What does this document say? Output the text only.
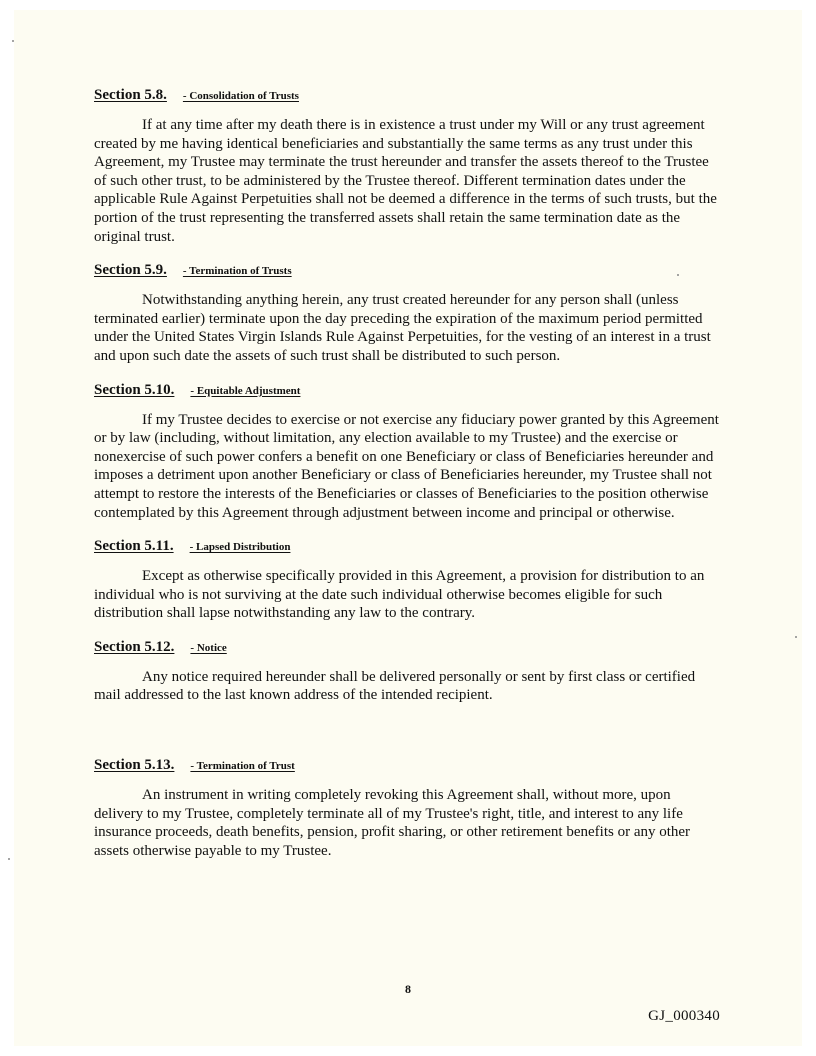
Section 5.8. - Consolidation of Trusts

If at any time after my death there is in existence a trust under my Will or any trust agreement created by me having identical beneficiaries and substantially the same terms as any trust under this Agreement, my Trustee may terminate the trust hereunder and transfer the assets thereof to the Trustee of such other trust, to be administered by the Trustee thereof. Different termination dates under the applicable Rule Against Perpetuities shall not be deemed a difference in the terms of such trusts, but the portion of the trust representing the transferred assets shall retain the same termination date as the original trust.

Section 5.9. - Termination of Trusts

Notwithstanding anything herein, any trust created hereunder for any person shall (unless terminated earlier) terminate upon the day preceding the expiration of the maximum period permitted under the United States Virgin Islands Rule Against Perpetuities, for the vesting of an interest in a trust and upon such date the assets of such trust shall be distributed to such person.

Section 5.10. - Equitable Adjustment

If my Trustee decides to exercise or not exercise any fiduciary power granted by this Agreement or by law (including, without limitation, any election available to my Trustee) and the exercise or nonexercise of such power confers a benefit on one Beneficiary or class of Beneficiaries hereunder and imposes a detriment upon another Beneficiary or class of Beneficiaries hereunder, my Trustee shall not attempt to restore the interests of the Beneficiaries or classes of Beneficiaries to the position otherwise contemplated by this Agreement through adjustment between income and principal or otherwise.

Section 5.11. - Lapsed Distribution

Except as otherwise specifically provided in this Agreement, a provision for distribution to an individual who is not surviving at the date such individual otherwise becomes eligible for such distribution shall lapse notwithstanding any law to the contrary.

Section 5.12. - Notice

Any notice required hereunder shall be delivered personally or sent by first class or certified mail addressed to the last known address of the intended recipient.

Section 5.13. - Termination of Trust

An instrument in writing completely revoking this Agreement shall, without more, upon delivery to my Trustee, completely terminate all of my Trustee's right, title, and interest to any life insurance proceeds, death benefits, pension, profit sharing, or other retirement benefits or any other assets otherwise payable to my Trustee.

8
GJ_000340
